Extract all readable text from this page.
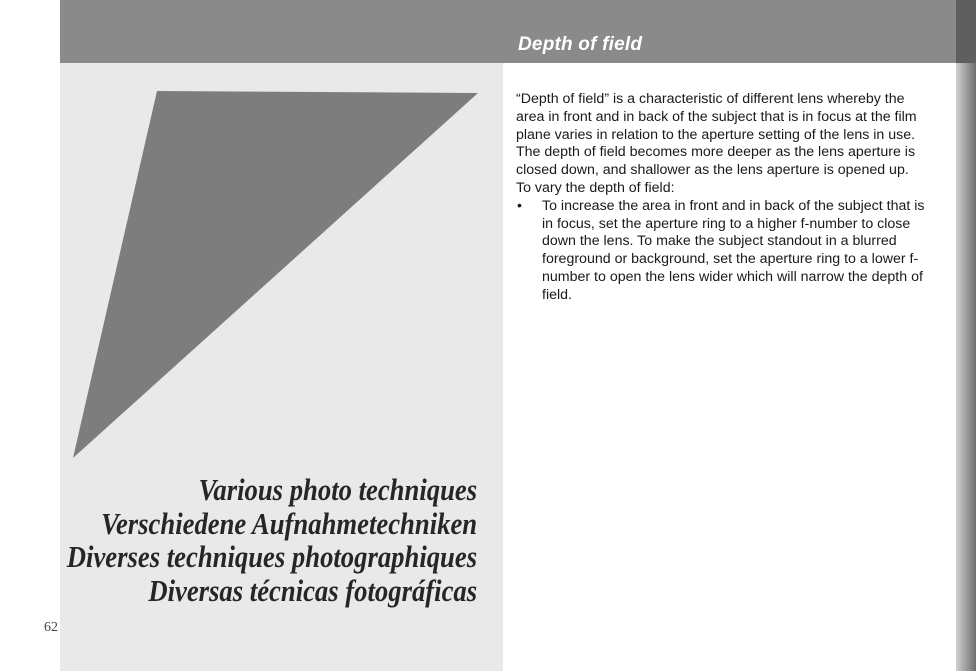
Depth of field

“Depth of field” is a characteristic of different lens whereby the area in front and in back of the subject that is in focus at the film plane varies in relation to the aperture setting of the lens in use. The depth of field becomes more deeper as the lens aperture is closed down, and shallower as the lens aperture is opened up. To vary the depth of field:

• To increase the area in front and in back of the subject that is in focus, set the aperture ring to a higher f-number to close down the lens. To make the subject standout in a blurred foreground or background, set the aperture ring to a lower f-number to open the lens wider which will narrow the depth of field.

Various photo techniques
Verschiedene Aufnahmetechniken
Diverses techniques photographiques
Diversas técnicas fotográficas
62
